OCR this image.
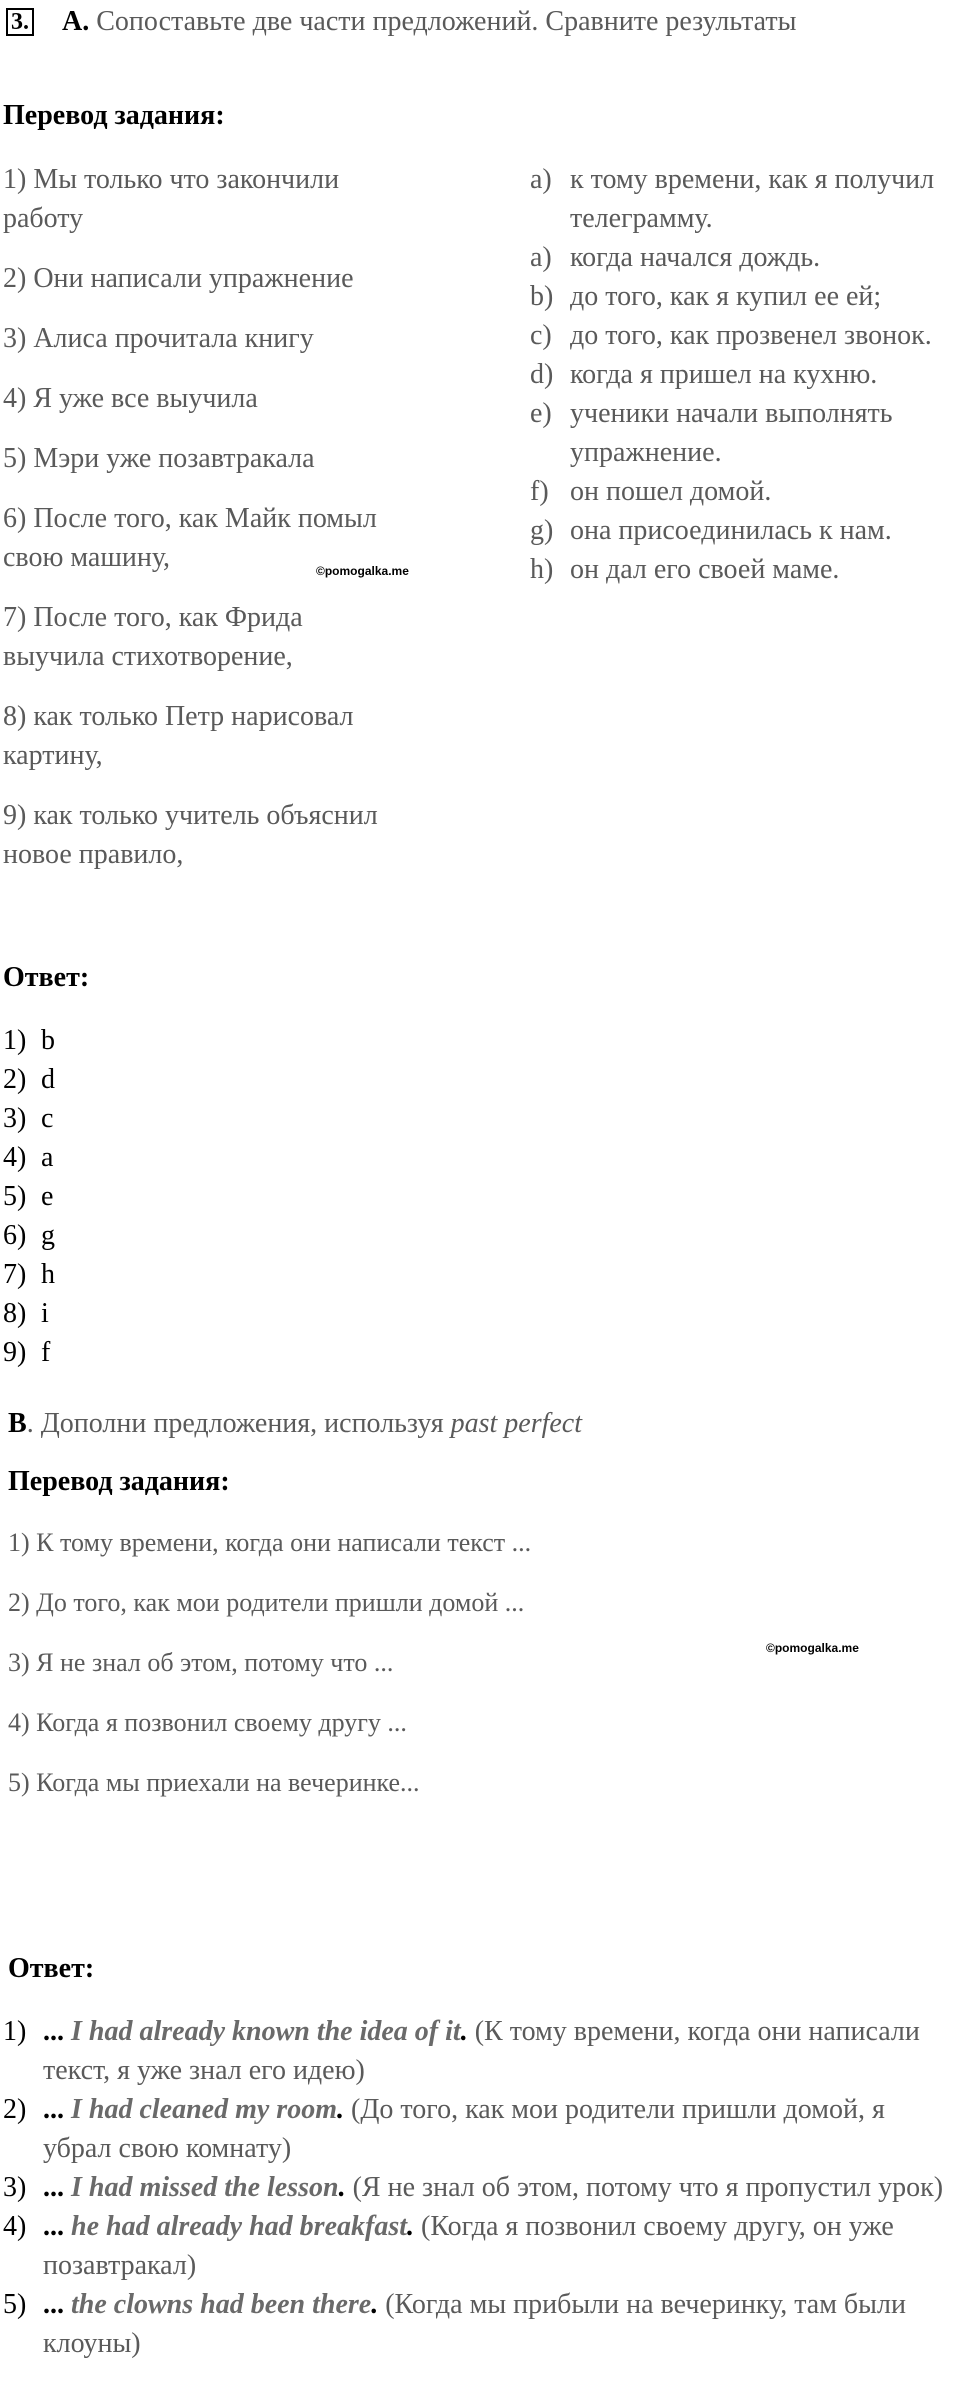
3. A. Сопоставьте две части предложений. Сравните результаты
Перевод задания:
1) Мы только что закончили работу
2) Они написали упражнение
3) Алиса прочитала книгу
4) Я уже все выучила
5) Мэри уже позавтракала
6) После того, как Майк помыл свою машину,
7) После того, как Фрида выучила стихотворение,
8) как только Петр нарисовал картину,
9) как только учитель объяснил новое правило,
©pomogalka.me
a) к тому времени, как я получил телеграмму.
a) когда начался дождь.
b) до того, как я купил ее ей;
c) до того, как прозвенел звонок.
d) когда я пришел на кухню.
e) ученики начали выполнять упражнение.
f) он пошел домой.
g) она присоединилась к нам.
h) он дал его своей маме.
Ответ:
1) b
2) d
3) c
4) a
5) e
6) g
7) h
8) i
9) f
B. Дополни предложения, используя past perfect
Перевод задания:
1) К тому времени, когда они написали текст ...
2) До того, как мои родители пришли домой ...
3) Я не знал об этом, потому что ...
4) Когда я позвонил своему другу ...
5) Когда мы приехали на вечеринке...
©pomogalka.me
Ответ:
1) ... I had already known the idea of it. (К тому времени, когда они написали текст, я уже знал его идею)
2) ... I had cleaned my room. (До того, как мои родители пришли домой, я убрал свою комнату)
3) ... I had missed the lesson. (Я не знал об этом, потому что я пропустил урок)
4) ... he had already had breakfast. (Когда я позвонил своему другу, он уже позавтракал)
5) ... the clowns had been there. (Когда мы прибыли на вечеринку, там были клоуны)
